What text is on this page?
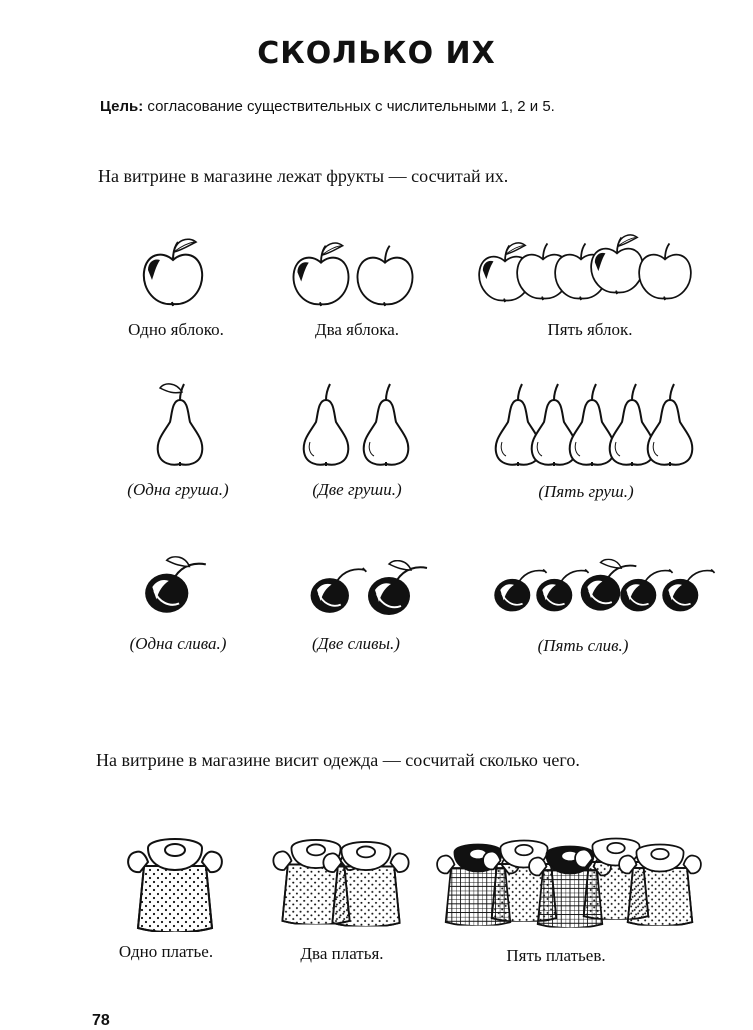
СКОЛЬКО ИХ
Цель: согласование существительных с числительными 1, 2 и 5.
На витрине в магазине лежат фрукты — сосчитай их.
Одно яблоко.	Два яблока.	Пять яблок.
(Одна груша.)	(Две груши.)	(Пять груш.)
(Одна слива.)	(Две сливы.)	(Пять слив.)
На витрине в магазине висит одежда — сосчитай сколько чего.
Одно платье.	Два платья.	Пять платьев.
78
